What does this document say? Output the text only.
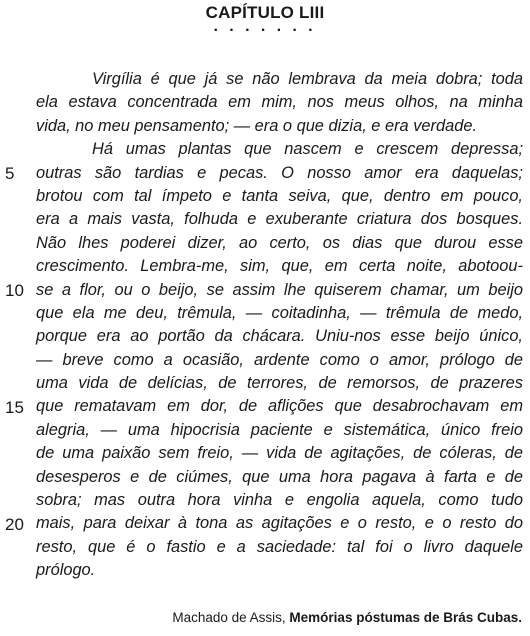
CAPÍTULO LIII
· · · · · · ·
5
10
15
20
Virgília é que já se não lembrava da meia dobra; toda
ela estava concentrada em mim, nos meus olhos, na minha
vida, no meu pensamento; — era o que dizia, e era verdade.
Há umas plantas que nascem e crescem depressa;
outras são tardias e pecas. O nosso amor era daquelas;
brotou com tal ímpeto e tanta seiva, que, dentro em pouco,
era a mais vasta, folhuda e exuberante criatura dos bosques.
Não lhes poderei dizer, ao certo, os dias que durou esse
crescimento. Lembra-me, sim, que, em certa noite, abotoou-
se a flor, ou o beijo, se assim lhe quiserem chamar, um beijo
que ela me deu, trêmula, — coitadinha, — trêmula de medo,
porque era ao portão da chácara. Uniu-nos esse beijo único,
— breve como a ocasião, ardente como o amor, prólogo de
uma vida de delícias, de terrores, de remorsos, de prazeres
que rematavam em dor, de aflições que desabrochavam em
alegria, — uma hipocrisia paciente e sistemática, único freio
de uma paixão sem freio, — vida de agitações, de cóleras, de
desesperos e de ciúmes, que uma hora pagava à farta e de
sobra; mas outra hora vinha e engolia aquela, como tudo
mais, para deixar à tona as agitações e o resto, e o resto do
resto, que é o fastio e a saciedade: tal foi o livro daquele
prólogo.
Machado de Assis, Memórias póstumas de Brás Cubas.
